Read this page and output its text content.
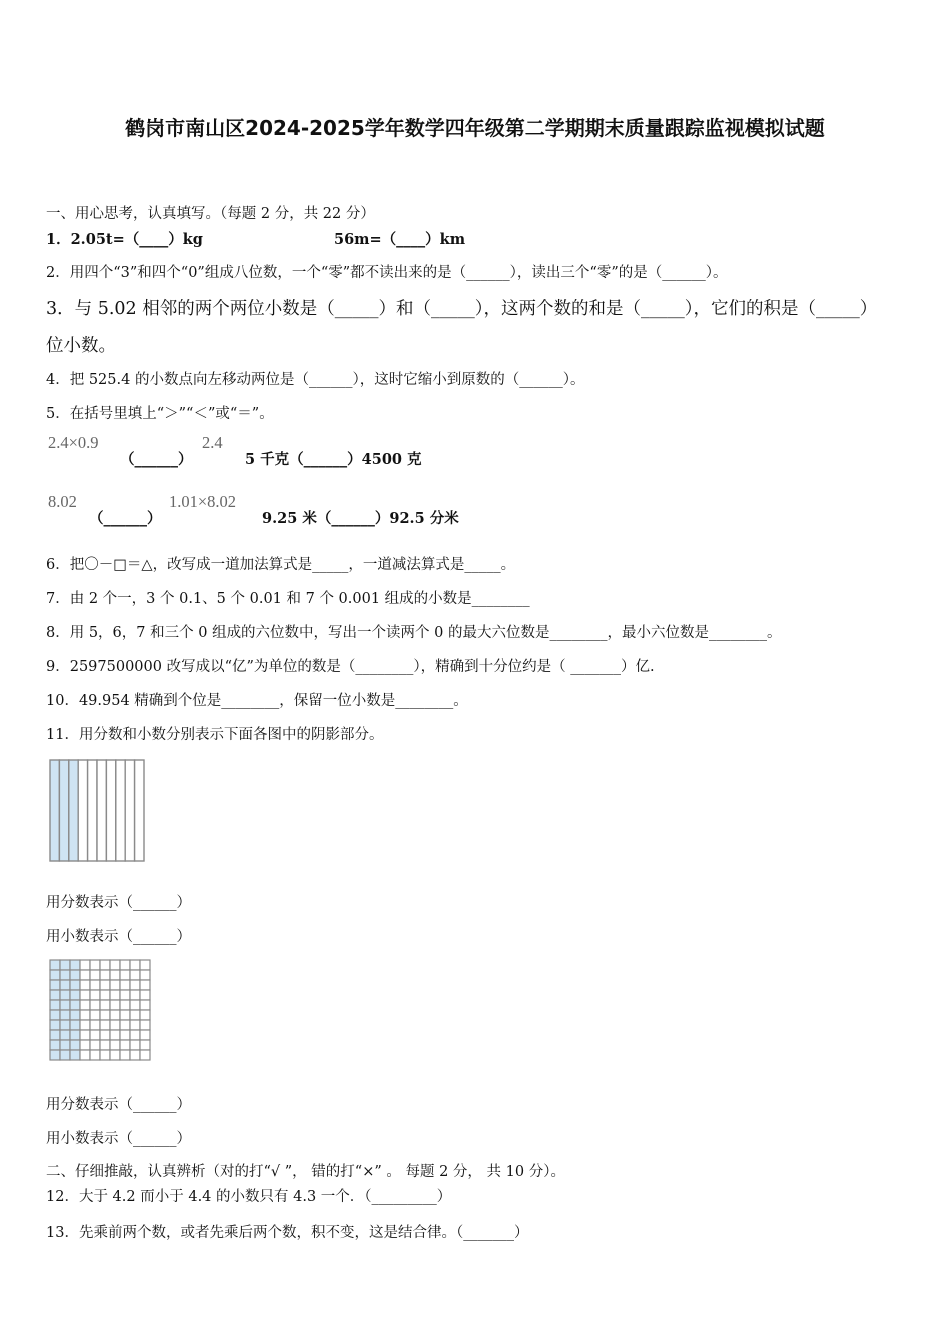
鹤岗市南山区2024-2025学年数学四年级第二学期期末质量跟踪监视模拟试题
一、用心思考，认真填写。（每题 2 分，共 22 分）
1．2.05t=（____）kg	56m=（____）km
2．用四个“3”和四个“0”组成八位数，一个“零”都不读出来的是（______），读出三个“零”的是（______）。
3．与 5.02 相邻的两个两位小数是（_____）和（_____），这两个数的和是（_____），它们的积是（_____）
位小数。
4．把 525.4 的小数点向左移动两位是（______），这时它缩小到原数的（______）。
5．在括号里填上“＞”“＜”或“＝”。
2.4×0.9
（______）
2.4
5 千克（______）4500 克
8.02
（______）
1.01×8.02
9.25 米（______）92.5 分米
6．把〇－□＝△，改写成一道加法算式是_____，一道减法算式是_____。
7．由 2 个一，3 个 0.1、5 个 0.01 和 7 个 0.001 组成的小数是________
8．用 5，6，7 和三个 0 组成的六位数中，写出一个读两个 0 的最大六位数是________，最小六位数是________。
9．2597500000 改写成以“亿”为单位的数是（________），精确到十分位约是（ _______）亿.
10．49.954 精确到个位是________，保留一位小数是________。
11．用分数和小数分别表示下面各图中的阴影部分。
用分数表示（______）
用小数表示（______）
用分数表示（______）
用小数表示（______）
二、仔细推敲，认真辨析（对的打“√ ”， 错的打“×” 。 每题 2 分， 共 10 分）。
12．大于 4.2 而小于 4.4 的小数只有 4.3 一个．（_________）
13．先乘前两个数，或者先乘后两个数，积不变，这是结合律。（_______）
